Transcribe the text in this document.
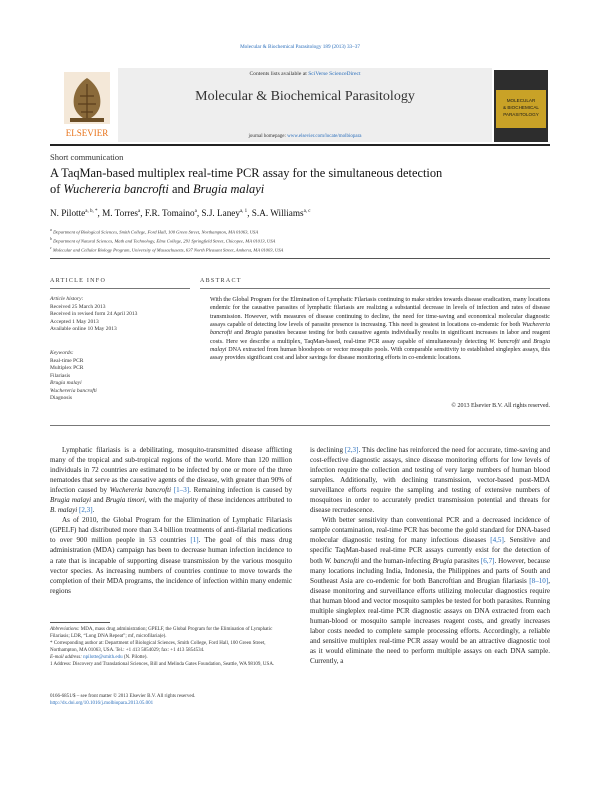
Molecular & Biochemical Parasitology 189 (2013) 33–37
ELSEVIER
Contents lists available at SciVerse ScienceDirect
Molecular & Biochemical Parasitology
journal homepage: www.elsevier.com/locate/molbiopara
MOLECULAR
& BIOCHEMICAL
PARASITOLOGY
Short communication
A TaqMan-based multiplex real-time PCR assay for the simultaneous detection
of Wuchereria bancrofti and Brugia malayi
N. Pilotte$^{a, b, *}$, M. Torres$^a$, F.R. Tomaino$^a$, S.J. Laney$^{a, 1}$, S.A. Williams$^{a, c}$
$^a$ Department of Biological Sciences, Smith College, Ford Hall, 100 Green Street, Northampton, MA 01063, USA
$^b$ Department of Natural Sciences, Math and Technology, Elms College, 291 Springfield Street, Chicopee, MA 01013, USA
$^c$ Molecular and Cellular Biology Program, University of Massachusetts, 637 North Pleasant Street, Amherst, MA 01003, USA
ARTICLE INFO	ABSTRACT
Article history:
Received 25 March 2013
Received in revised form 24 April 2013
Accepted 1 May 2013
Available online 10 May 2013
Keywords:
Real-time PCR
Multiplex PCR
Filariasis
Brugia malayi
Wuchereria bancrofti
Diagnosis
With the Global Program for the Elimination of Lymphatic Filariasis continuing to make strides towards disease eradication, many locations endemic for the causative parasites of lymphatic filariasis are realizing a substantial decrease in levels of infection and rates of disease transmission. However, with measures of disease continuing to decline, the need for time-saving and economical molecular diagnostic assays capable of detecting low levels of parasite presence is increasing. This need is greatest in locations co-endemic for both Wuchereria bancrofti and Brugia parasites because testing for both causative agents individually results in significant increases in labor and reagent costs. Here we describe a multiplex, TaqMan-based, real-time PCR assay capable of simultaneously detecting W. bancrofti and Brugia malayi DNA extracted from human bloodspots or vector mosquito pools. With comparable sensitivity to established singleplex assays, this assay provides significant cost and labor savings for disease monitoring efforts in co-endemic locations.
© 2013 Elsevier B.V. All rights reserved.

Lymphatic filariasis is a debilitating, mosquito-transmitted disease afflicting many of the tropical and sub-tropical regions of the world. More than 120 million individuals in 72 countries are estimated to be infected by one or more of the three nematodes that serve as the causative agents of the disease, with greater than 90% of infection caused by Wuchereria bancrofti [1–3]. Remaining infection is caused by Brugia malayi and Brugia timori, with the majority of these incidences attributed to B. malayi [2,3].

As of 2010, the Global Program for the Elimination of Lymphatic Filariasis (GPELF) had distributed more than 3.4 billion treatments of anti-filarial medications to over 900 million people in 53 countries [1]. The goal of this mass drug administration (MDA) campaign has been to decrease human infection incidence to a rate that is incapable of supporting disease transmission by the various mosquito vector species. As increasing numbers of countries continue to move towards the completion of their MDA programs, the incidence of infection within many endemic regions

is declining [2,3]. This decline has reinforced the need for accurate, time-saving and cost-effective diagnostic assays, since disease monitoring efforts for low levels of infection require the collection and testing of very large numbers of human blood samples. Additionally, with declining transmission, vector-based post-MDA surveillance efforts require the sampling and testing of extensive numbers of mosquitoes in order to accurately predict transmission potential and threats for disease recrudescence.

With better sensitivity than conventional PCR and a decreased incidence of sample contamination, real-time PCR has become the gold standard for DNA-based molecular diagnostic testing for many infectious diseases [4,5]. Sensitive and specific TaqMan-based real-time PCR assays currently exist for the detection of both W. bancrofti and the human-infecting Brugia parasites [6,7]. However, because many locations including India, Indonesia, the Philippines and parts of South and Southeast Asia are co-endemic for both Bancroftian and Brugian filariasis [8–10], disease monitoring and surveillance efforts utilizing molecular diagnostics require that human blood and vector mosquito samples be tested for both parasites. Running multiple singleplex real-time PCR diagnostic assays on DNA extracted from each human-blood or mosquito sample increases reagent costs, and greatly increases labor costs needed to complete sample processing efforts. Accordingly, a reliable and sensitive multiplex real-time PCR assay would be an attractive diagnostic tool as it would eliminate the need to perform multiple assays on each DNA sample. Currently, a

Abbreviations: MDA, mass drug administration; GPELF, the Global Program for the Elimination of Lymphatic Filariasis; LDR, “Long DNA Repeat”; mf, microfilaria(e).

* Corresponding author at: Department of Biological Sciences, Smith College, Ford Hall, 100 Green Street, Northampton, MA 01063, USA. Tel.: +1 413 5854029; fax: +1 413 5854534.

E-mail address: npilotte@smith.edu (N. Pilotte).

1 Address: Discovery and Translational Sciences, Bill and Melinda Gates Foundation, Seattle, WA 98109, USA.

0166-6851/$ – see front matter © 2013 Elsevier B.V. All rights reserved.
http://dx.doi.org/10.1016/j.molbiopara.2013.05.001
